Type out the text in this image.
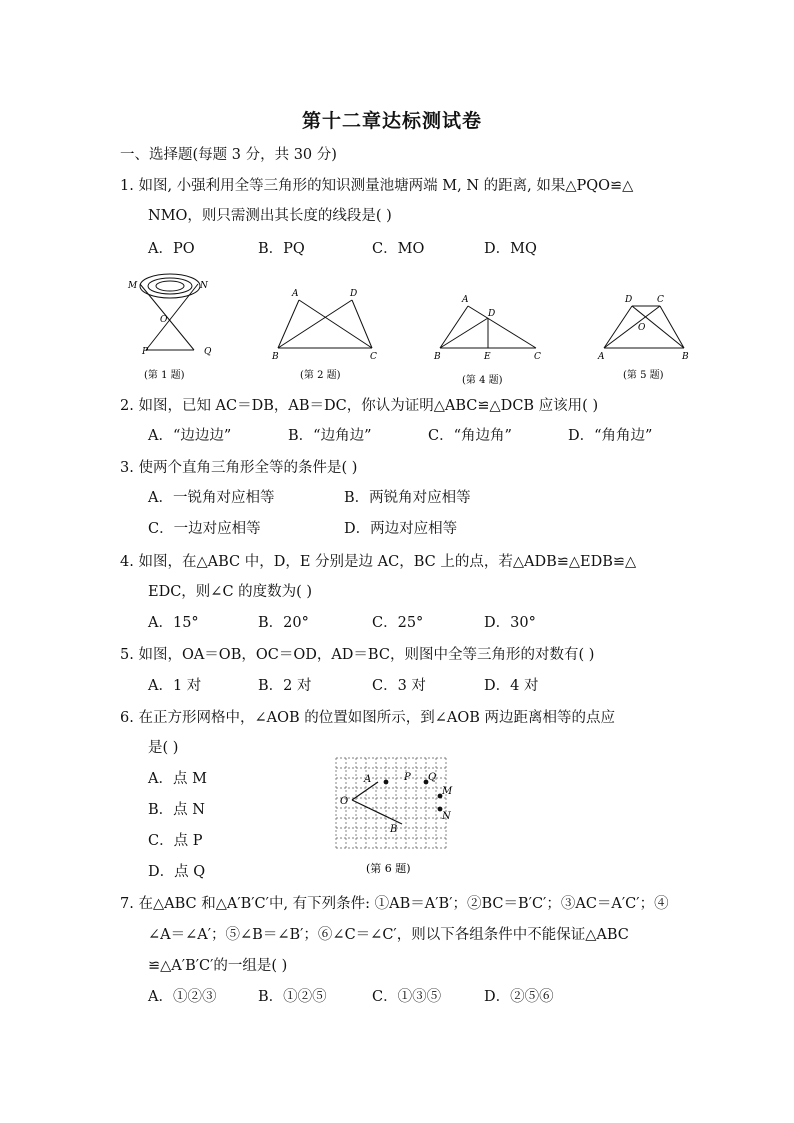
第十二章达标测试卷
一、选择题(每题 3 分，共 30 分)
1. 如图, 小强利用全等三角形的知识测量池塘两端 M, N 的距离, 如果△PQO≌△
NMO，则只需测出其长度的线段是( )
A．PO	B．PQ	C．MO	D．MQ
M	N
O
P	Q
(第 1 题)
A	D
B	C
(第 2 题)
A
D
B	E	C
(第 4 题)
D	C
O
A	B
(第 5 题)
2. 如图，已知 AC＝DB，AB＝DC，你认为证明△ABC≌△DCB 应该用( )
A．“边边边”	B．“边角边”	C．“角边角”	D．“角角边”
3. 使两个直角三角形全等的条件是( )
A．一锐角对应相等	B．两锐角对应相等
C．一边对应相等	D．两边对应相等
4. 如图，在△ABC 中，D，E 分别是边 AC，BC 上的点，若△ADB≌△EDB≌△
EDC，则∠C 的度数为( )
A．15°	B．20°	C．25°	D．30°
5. 如图，OA＝OB，OC＝OD，AD＝BC，则图中全等三角形的对数有( )
A．1 对	B．2 对	C．3 对	D．4 对
6. 在正方形网格中，∠AOB 的位置如图所示，到∠AOB 两边距离相等的点应
是( )
A．点 M
B．点 N
C．点 P
D．点 Q
A	P Q
M
O
N
B
(第 6 题)
7. 在△ABC 和△A′B′C′中, 有下列条件: ①AB＝A′B′；②BC＝B′C′；③AC＝A′C′；④
∠A＝∠A′；⑤∠B＝∠B′；⑥∠C＝∠C′，则以下各组条件中不能保证△ABC
≌△A′B′C′的一组是( )
A．①②③	B．①②⑤	C．①③⑤	D．②⑤⑥
